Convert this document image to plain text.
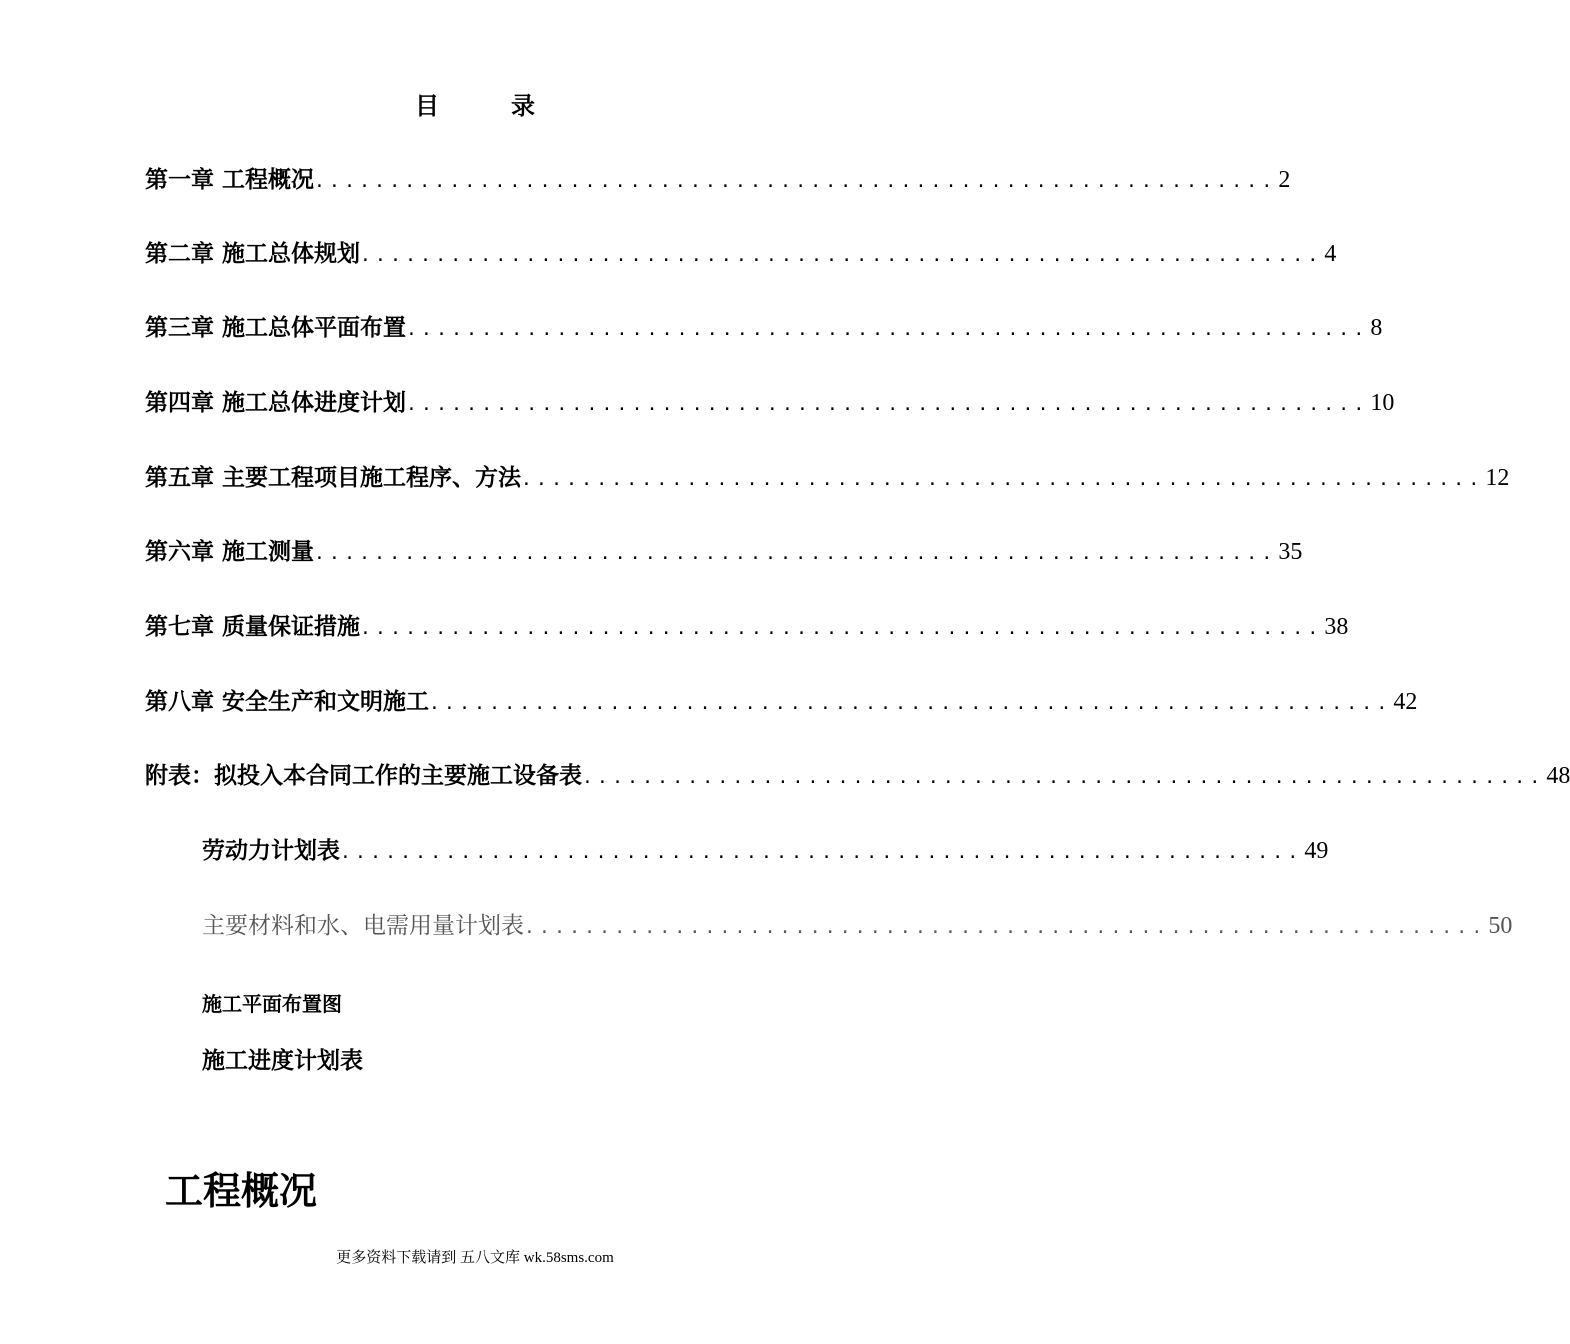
目	录
第一章 工程概况 ................................................................ 2
第二章 施工总体规划 ................................................................ 4
第三章 施工总体平面布置 ................................................................ 8
第四章 施工总体进度计划 ................................................................ 10
第五章 主要工程项目施工程序、方法 ................................................................ 12
第六章 施工测量 ................................................................ 35
第七章 质量保证措施 ................................................................ 38
第八章 安全生产和文明施工 ................................................................ 42
附表：拟投入本合同工作的主要施工设备表 ................................................................ 48
劳动力计划表 ................................................................ 49
主要材料和水、电需用量计划表 ................................................................ 50
施工平面布置图
施工进度计划表
工程概况
更多资料下载请到 五八文库 wk.58sms.com
